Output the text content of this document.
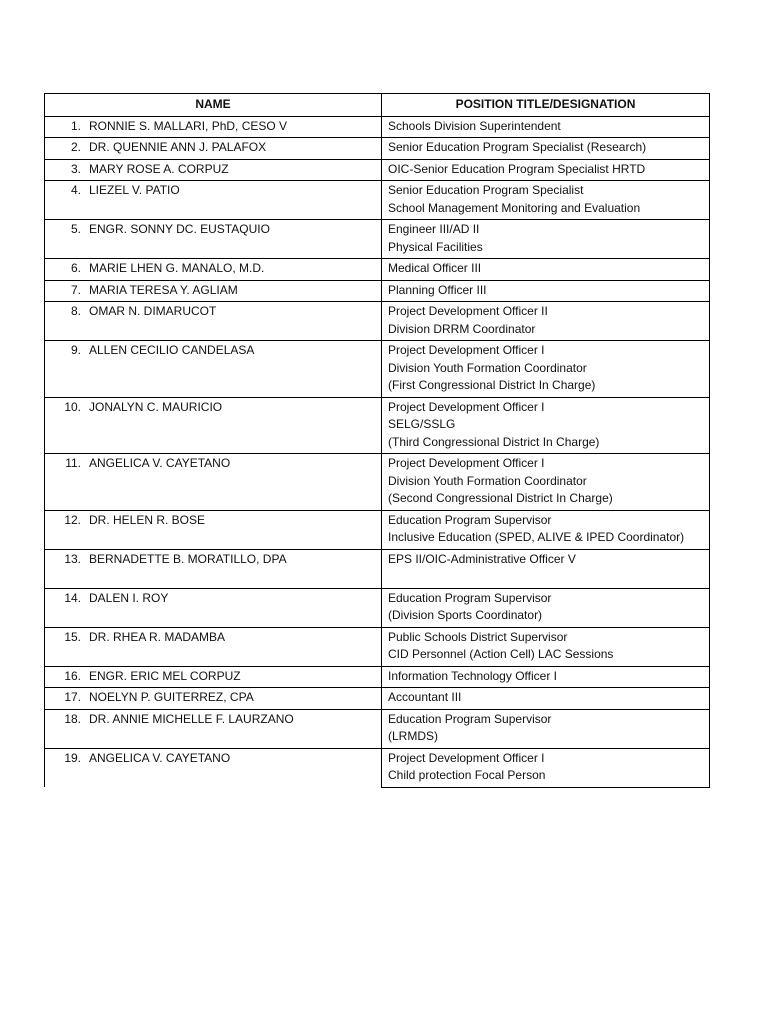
NAME	POSITION TITLE/DESIGNATION
1. RONNIE S. MALLARI, PhD, CESO V	Schools Division Superintendent

2. DR. QUENNIE ANN J. PALAFOX	Senior Education Program Specialist (Research)

3. MARY ROSE A. CORPUZ	OIC-Senior Education Program Specialist HRTD

4. LIEZEL V. PATIO	Senior Education Program Specialist
School Management Monitoring and Evaluation

5. ENGR. SONNY DC. EUSTAQUIO	Engineer III/AD II
Physical Facilities

6. MARIE LHEN G. MANALO, M.D.	Medical Officer III

7. MARIA TERESA Y. AGLIAM	Planning Officer III

8. OMAR N. DIMARUCOT	Project Development Officer II
Division DRRM Coordinator

9. ALLEN CECILIO CANDELASA	Project Development Officer I
Division Youth Formation Coordinator
(First Congressional District In Charge)

10. JONALYN C. MAURICIO	Project Development Officer I
SELG/SSLG
(Third Congressional District In Charge)

11. ANGELICA V. CAYETANO	Project Development Officer I
Division Youth Formation Coordinator
(Second Congressional District In Charge)

12. DR. HELEN R. BOSE	Education Program Supervisor
Inclusive Education (SPED, ALIVE & IPED Coordinator)

13. BERNADETTE B. MORATILLO, DPA	EPS II/OIC-Administrative Officer V

14. DALEN I. ROY	Education Program Supervisor
(Division Sports Coordinator)

15. DR. RHEA R. MADAMBA	Public Schools District Supervisor
CID Personnel (Action Cell) LAC Sessions

16. ENGR. ERIC MEL CORPUZ	Information Technology Officer I

17. NOELYN P. GUITERREZ, CPA	Accountant III

18. DR. ANNIE MICHELLE F. LAURZANO	Education Program Supervisor
(LRMDS)

19. ANGELICA V. CAYETANO	Project Development Officer I
Child protection Focal Person
